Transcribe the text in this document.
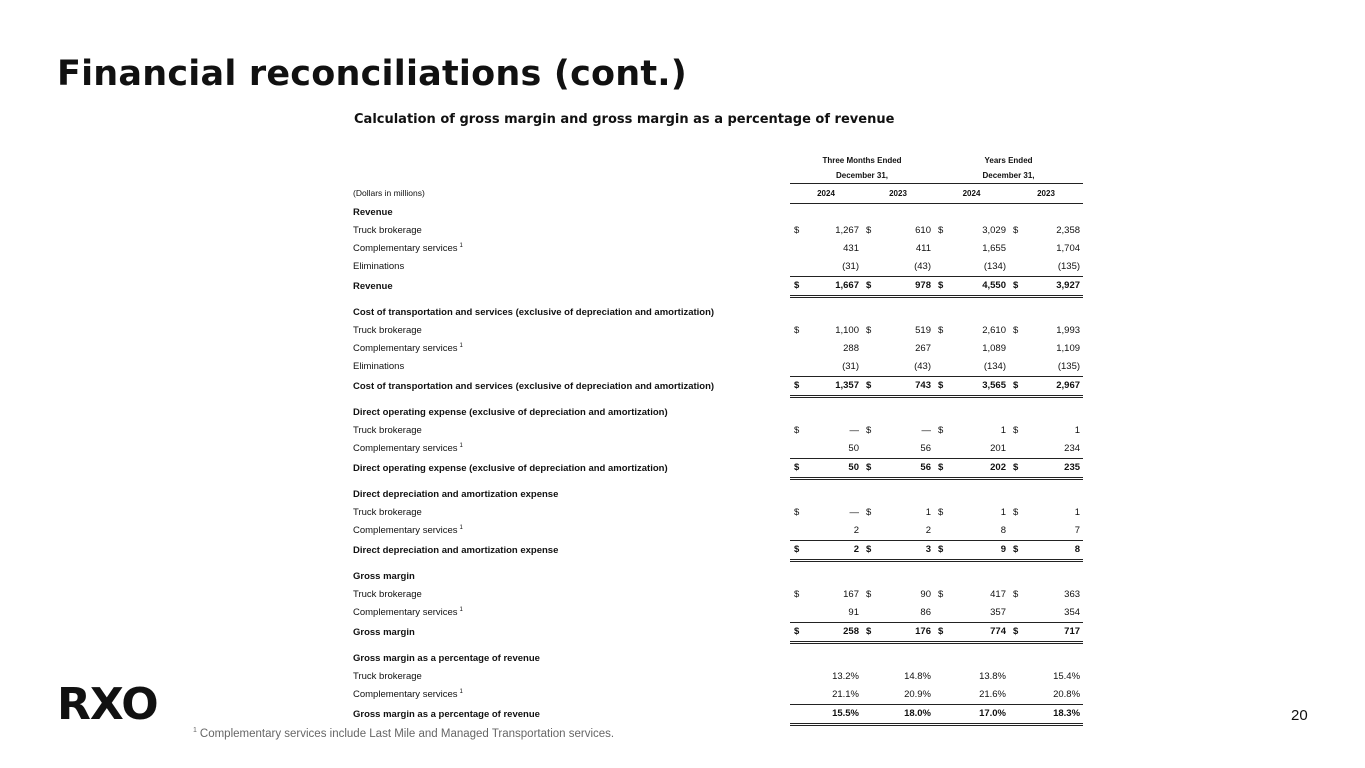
Financial reconciliations (cont.)
Calculation of gross margin and gross margin as a percentage of revenue
	Three Months Ended				Years Ended			
	December 31,				December 31,			
(Dollars in millions)	2024		2023		2024		2023	
Revenue								
Truck brokerage	$	1,267	$	610	$	3,029	$	2,358
Complementary services $^1$		431		411		1,655		1,704
Eliminations		(31)		(43)		(134)		(135)
Revenue	$	1,667	$	978	$	4,550	$	3,927

Cost of transportation and services (exclusive of depreciation and amortization)								
Truck brokerage	$	1,100	$	519	$	2,610	$	1,993
Complementary services $^1$		288		267		1,089		1,109
Eliminations		(31)		(43)		(134)		(135)
Cost of transportation and services (exclusive of depreciation and amortization)	$	1,357	$	743	$	3,565	$	2,967

Direct operating expense (exclusive of depreciation and amortization)								
Truck brokerage	$	—	$	—	$	1	$	1
Complementary services $^1$		50		56		201		234
Direct operating expense (exclusive of depreciation and amortization)	$	50	$	56	$	202	$	235

Direct depreciation and amortization expense								
Truck brokerage	$	—	$	1	$	1	$	1
Complementary services $^1$		2		2		8		7
Direct depreciation and amortization expense	$	2	$	3	$	9	$	8

Gross margin								
Truck brokerage	$	167	$	90	$	417	$	363
Complementary services $^1$		91		86		357		354
Gross margin	$	258	$	176	$	774	$	717

Gross margin as a percentage of revenue								
Truck brokerage		13.2%		14.8%		13.8%		15.4%
Complementary services $^1$		21.1%		20.9%		21.6%		20.8%
Gross margin as a percentage of revenue		15.5%		18.0%		17.0%		18.3%
RXO	20
$^1$ Complementary services include Last Mile and Managed Transportation services.
